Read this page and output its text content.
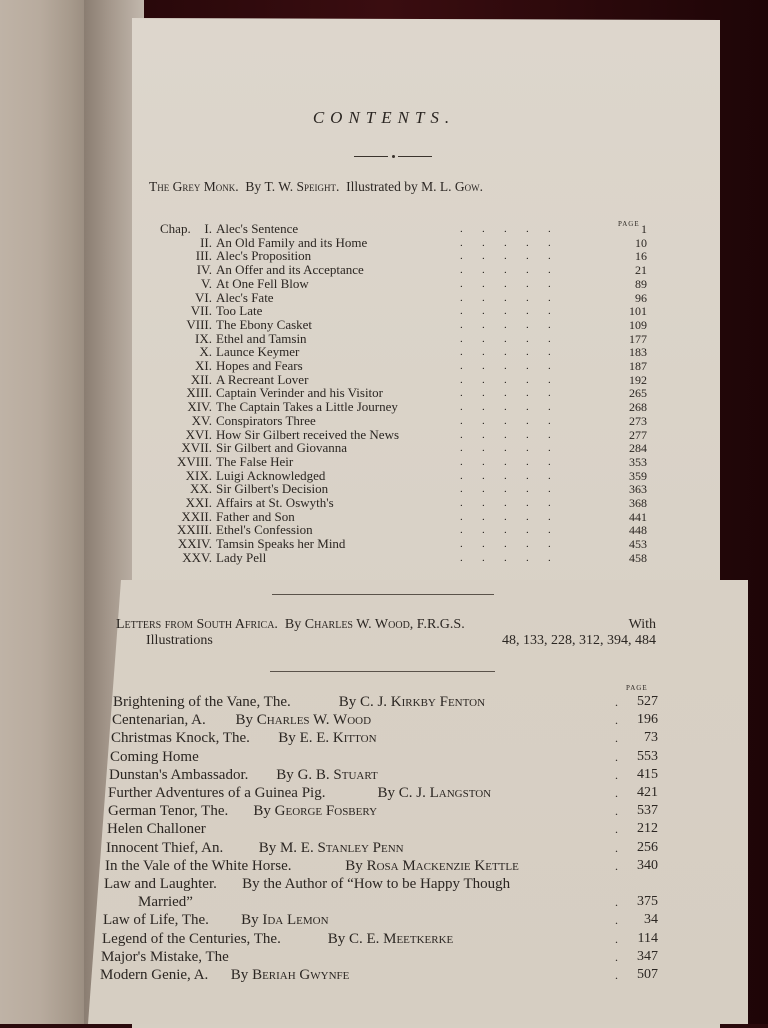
CONTENTS.
The Grey Monk. By T. W. Speight. Illustrated by M. L. Gow.
PAGE
Chap.	I. Alec's Sentence	.   .   .   .   .	1
II. An Old Family and its Home	.   .   .   .   .	10
III. Alec's Proposition	.   .   .   .   .	16
IV. An Offer and its Acceptance	.   .   .   .   .	21
V. At One Fell Blow	.   .   .   .   .	89
VI. Alec's Fate	.   .   .   .   .	96
VII. Too Late	.   .   .   .   .	101
VIII. The Ebony Casket	.   .   .   .   .	109
IX. Ethel and Tamsin	.   .   .   .   .	177
X. Launce Keymer	.   .   .   .   .	183
XI. Hopes and Fears	.   .   .   .   .	187
XII. A Recreant Lover	.   .   .   .   .	192
XIII. Captain Verinder and his Visitor	.   .   .   .   .	265
XIV. The Captain Takes a Little Journey	.   .   .   .   .	268
XV. Conspirators Three	.   .   .   .   .	273
XVI. How Sir Gilbert received the News	.   .   .   .   .	277
XVII. Sir Gilbert and Giovanna	.   .   .   .   .	284
XVIII. The False Heir	.   .   .   .   .	353
XIX. Luigi Acknowledged	.   .   .   .   .	359
XX. Sir Gilbert's Decision	.   .   .   .   .	363
XXI. Affairs at St. Oswyth's	.   .   .   .   .	368
XXII. Father and Son	.   .   .   .   .	441
XXIII. Ethel's Confession	.   .   .   .   .	448
XXIV. Tamsin Speaks her Mind	.   .   .   .   .	453
XXV. Lady Pell	.   .   .   .   .	458
Letters from South Africa. By Charles W. Wood, F.R.G.S.	With
Illustrations	48, 133, 228, 312, 394, 484
PAGE
Brightening of the Vane, The.	By C. J. Kirkby Fenton	.	527
Centenarian, A. By Charles W. Wood	.	196
Christmas Knock, The. By E. E. Kitton	.	73
Coming Home	.	553
Dunstan's Ambassador. By G. B. Stuart	.	415
Further Adventures of a Guinea Pig.	By C. J. Langston	.	421
German Tenor, The. By George Fosbery	.	537
Helen Challoner	.	212
Innocent Thief, An. By M. E. Stanley Penn	.	256
In the Vale of the White Horse.	By Rosa Mackenzie Kettle	.	340
Law and Laughter. By the Author of “How to be Happy Though
Married”	.	375
Law of Life, The. By Ida Lemon	.	34
Legend of the Centuries, The.	By C. E. Meetkerke	.	114
Major's Mistake, The	.	347
Modern Genie, A. By Beriah Gwynfe	.	507
